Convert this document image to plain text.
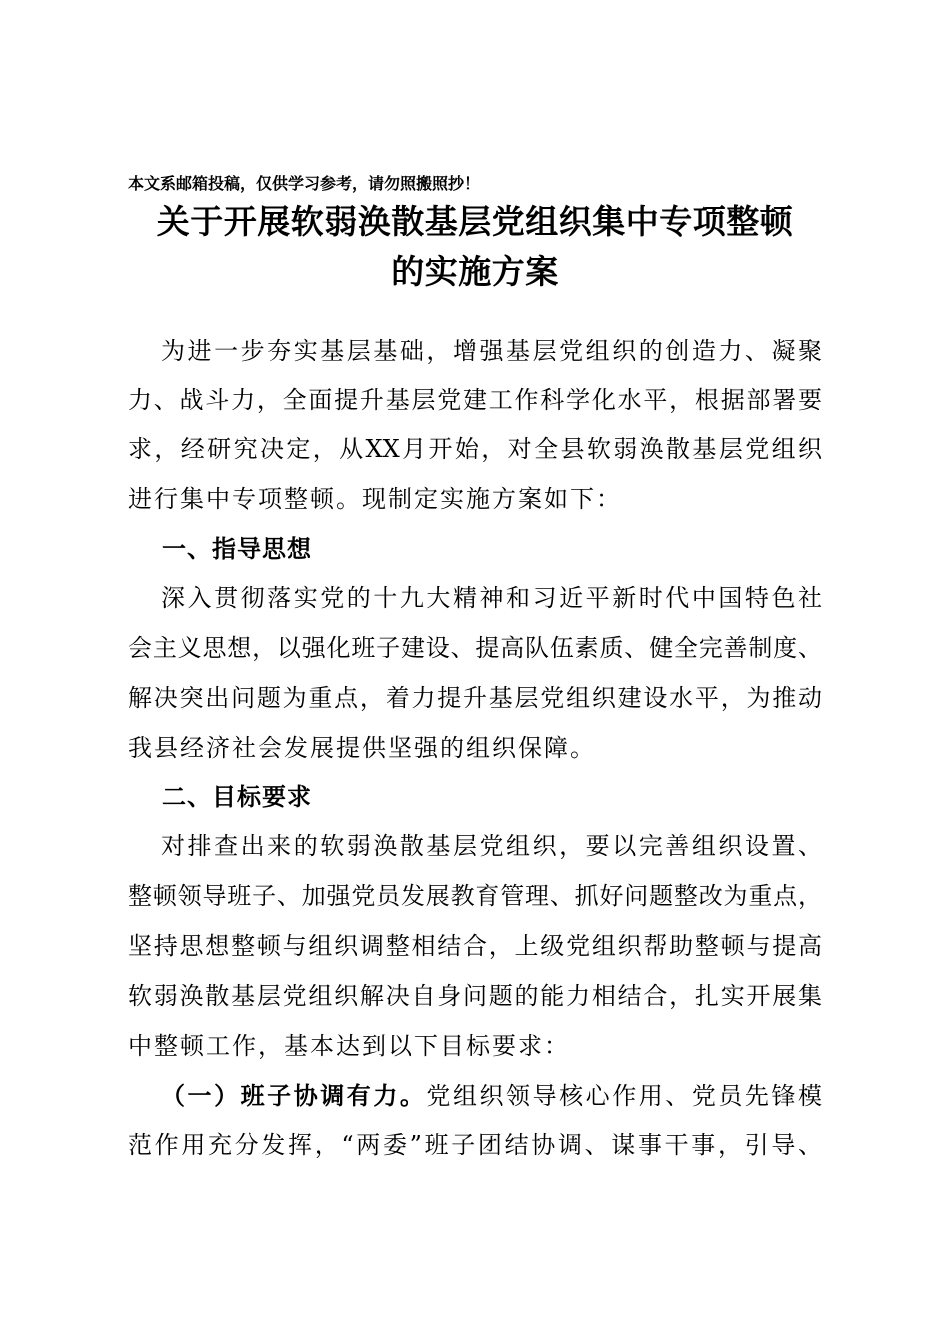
本文系邮箱投稿，仅供学习参考，请勿照搬照抄！
关于开展软弱涣散基层党组织集中专项整顿
的实施方案
为进一步夯实基层基础，增强基层党组织的创造力、凝聚
力、战斗力，全面提升基层党建工作科学化水平，根据部署要
求，经研究决定，从XX月开始，对全县软弱涣散基层党组织
进行集中专项整顿。现制定实施方案如下：
一、指导思想
深入贯彻落实党的十九大精神和习近平新时代中国特色社
会主义思想，以强化班子建设、提高队伍素质、健全完善制度、
解决突出问题为重点，着力提升基层党组织建设水平，为推动
我县经济社会发展提供坚强的组织保障。
二、目标要求
对排查出来的软弱涣散基层党组织，要以完善组织设置、
整顿领导班子、加强党员发展教育管理、抓好问题整改为重点，
坚持思想整顿与组织调整相结合，上级党组织帮助整顿与提高
软弱涣散基层党组织解决自身问题的能力相结合，扎实开展集
中整顿工作，基本达到以下目标要求：
（一）班子协调有力。党组织领导核心作用、党员先锋模
范作用充分发挥，“两委”班子团结协调、谋事干事，引导、
